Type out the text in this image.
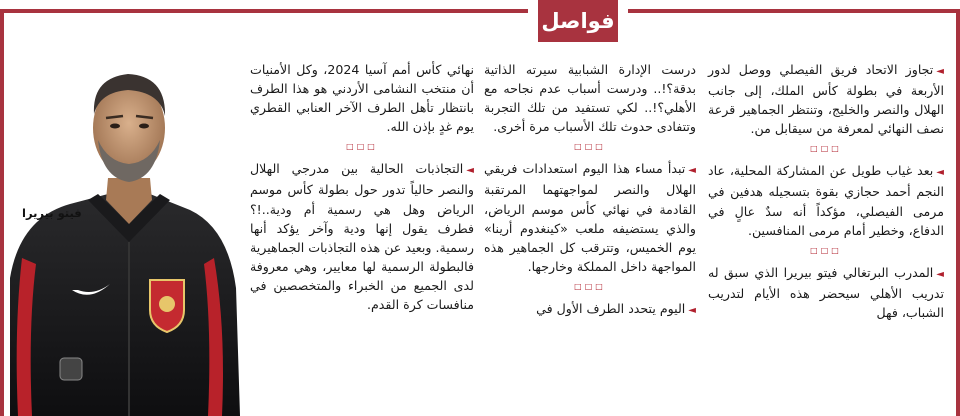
فواصل

◄تجاوز الاتحاد فريق الفيصلي ووصل لدور الأربعة في بطولة كأس الملك، إلى جانب الهلال والنصر والخليج، وتنتظر الجماهير قرعة نصف النهائي لمعرفة من سيقابل من.

□□□

◄بعد غياب طويل عن المشاركة المحلية، عاد النجم أحمد حجازي بقوة بتسجيله هدفين في مرمى الفيصلي، مؤكداً أنه سدٌ عالٍ في الدفاع، وخطير أمام مرمى المنافسين.

□□□

◄المدرب البرتغالي فيتو بيريرا الذي سبق له تدريب الأهلي سيحضر هذه الأيام لتدريب الشباب، فهل

درست الإدارة الشبابية سيرته الذاتية بدقة؟!.. ودرست أسباب عدم نجاحه مع الأهلي؟!.. لكي تستفيد من تلك التجربة وتتفادى حدوث تلك الأسباب مرة أخرى.

□□□

◄تبدأ مساء هذا اليوم استعدادات فريقي الهلال والنصر لمواجهتهما المرتقبة القادمة في نهائي كأس موسم الرياض، والذي يستضيفه ملعب «كينغدوم أرينا» يوم الخميس، وتترقب كل الجماهير هذه المواجهة داخل المملكة وخارجها.

□□□

◄اليوم يتحدد الطرف الأول في

نهائي كأس أمم آسيا 2024، وكل الأمنيات أن منتخب النشامى الأردني هو هذا الطرف بانتظار تأهل الطرف الآخر العنابي القطري يوم غدٍ بإذن الله.

□□□

◄التجاذبات الحالية بين مدرجي الهلال والنصر حالياً تدور حول بطولة كأس موسم الرياض وهل هي رسمية أم ودية..!؟ فطرف يقول إنها ودية وآخر يؤكد أنها رسمية. وبعيد عن هذه التجاذبات الجماهيرية فالبطولة الرسمية لها معايير، وهي معروفة لدى الجميع من الخبراء والمتخصصين في منافسات كرة القدم.

فيتو بيريرا
